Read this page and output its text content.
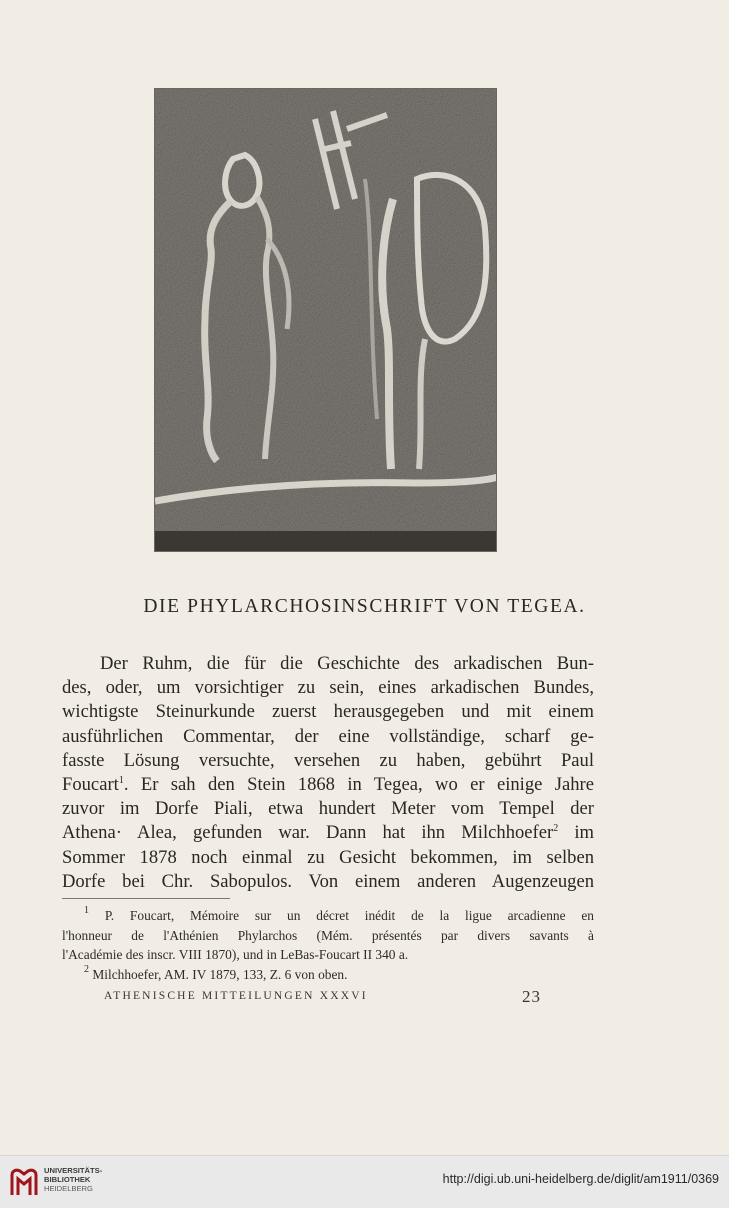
DIE PHYLARCHOSINSCHRIFT VON TEGEA.
Der Ruhm, die für die Geschichte des arkadischen Bun-
des, oder, um vorsichtiger zu sein, eines arkadischen Bundes,
wichtigste Steinurkunde zuerst herausgegeben und mit einem
ausführlichen Commentar, der eine vollständige, scharf ge-
fasste Lösung versuchte, versehen zu haben, gebührt Paul
Foucart$^1$. Er sah den Stein 1868 in Tegea, wo er einige Jahre
zuvor im Dorfe Piali, etwa hundert Meter vom Tempel der
Athena· Alea, gefunden war. Dann hat ihn Milchhoefer$^2$ im
Sommer 1878 noch einmal zu Gesicht bekommen, im selben
Dorfe bei Chr. Sabopulos. Von einem anderen Augenzeugen
$^1$ P. Foucart, Mémoire sur un décret inédit de la ligue arcadienne en
l'honneur de l'Athénien Phylarchos (Mém. présentés par divers savants à
l'Académie des inscr. VIII 1870), und in LeBas-Foucart II 340 a.
$^2$ Milchhoefer, AM. IV 1879, 133, Z. 6 von oben.
ATHENISCHE MITTEILUNGEN XXXVI	23
UNIVERSITÄTS-
BIBLIOTHEK
HEIDELBERG
http://digi.ub.uni-heidelberg.de/diglit/am1911/0369
